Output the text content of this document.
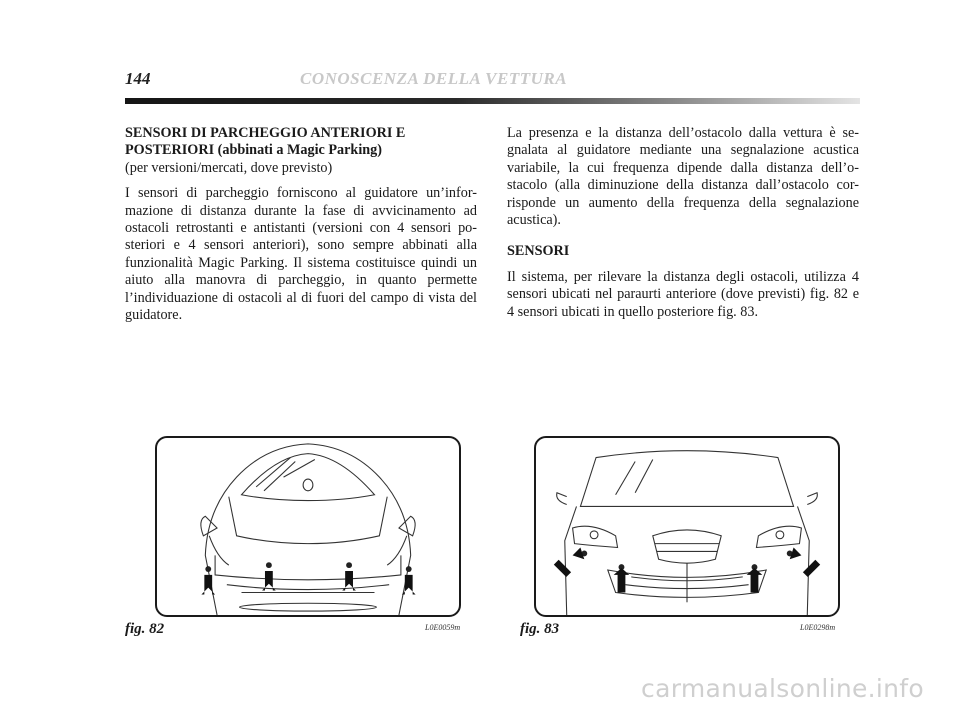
144	CONOSCENZA DELLA VETTURA

SENSORI DI PARCHEGGIO ANTERIORI E
POSTERIORI (abbinati a Magic Parking)
(per versioni/mercati, dove previsto)

I sensori di parcheggio forniscono al guidatore un’infor-mazione di distanza durante la fase di avvicinamento ad ostacoli retrostanti e antistanti (versioni con 4 sensori po-steriori e 4 sensori anteriori), sono sempre abbinati alla funzionalità Magic Parking. Il sistema costituisce quindi un aiuto alla manovra di parcheggio, in quanto permette l’individuazione di ostacoli al di fuori del campo di vista del guidatore.

La presenza e la distanza dell’ostacolo dalla vettura è se-gnalata al guidatore mediante una segnalazione acustica variabile, la cui frequenza dipende dalla distanza dell’o-stacolo (alla diminuzione della distanza dall’ostacolo cor-risponde un aumento della frequenza della segnalazione acustica).

SENSORI

Il sistema, per rilevare la distanza degli ostacoli, utilizza 4 sensori ubicati nel paraurti anteriore (dove previsti) fig. 82 e 4 sensori ubicati in quello posteriore fig. 83.

fig. 82	L0E0059m	fig. 83	L0E0298m
carmanualsonline.info
